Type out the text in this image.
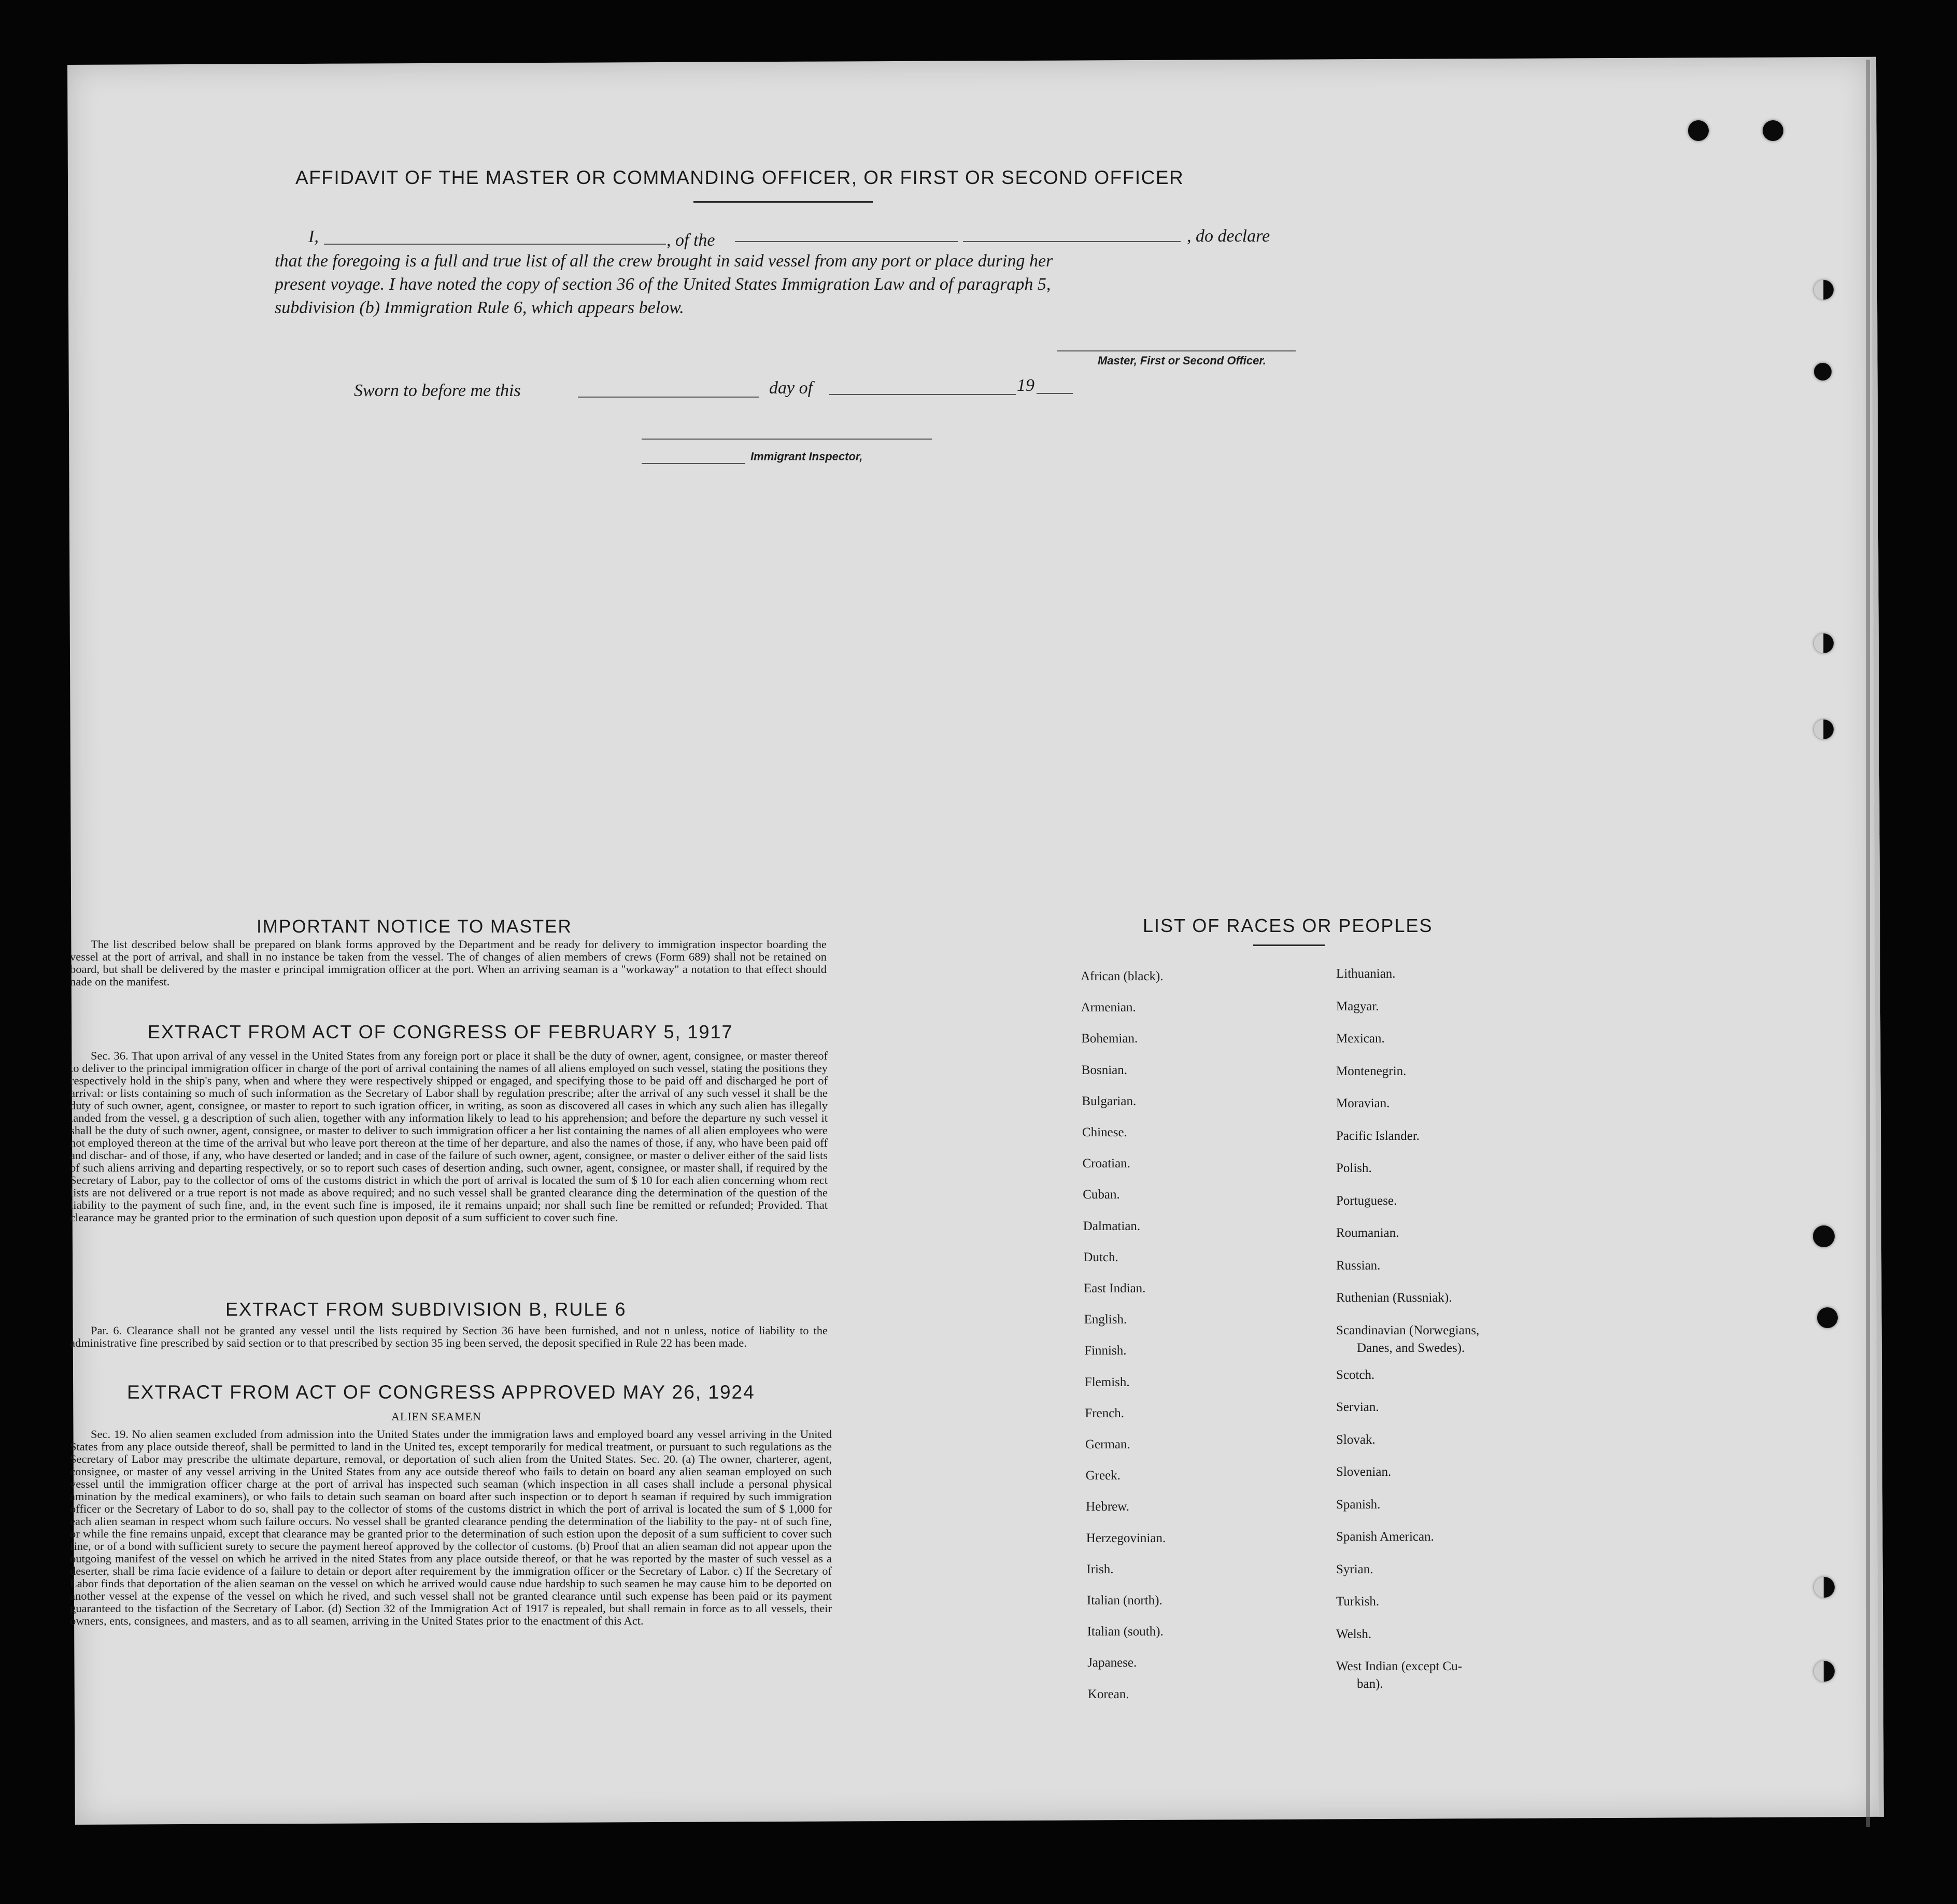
AFFIDAVIT OF THE MASTER OR COMMANDING OFFICER, OR FIRST OR SECOND OFFICER
I,	, of the	, do declare
that the foregoing is a full and true list of all the crew brought in said vessel from any port or place during her
present voyage. I have noted the copy of section 36 of the United States Immigration Law and of paragraph 5,
subdivision (b) Immigration Rule 6, which appears below.
Master, First or Second Officer.
Sworn to before me this	day of	19
Immigrant Inspector,
IMPORTANT NOTICE TO MASTER

The list described below shall be prepared on blank forms approved by the Department and be ready for delivery to immigration inspector boarding the vessel at the port of arrival, and shall in no instance be taken from the vessel. The of changes of alien members of crews (Form 689) shall not be retained on board, but shall be delivered by the master e principal immigration officer at the port. When an arriving seaman is a "workaway" a notation to that effect should nade on the manifest.

EXTRACT FROM ACT OF CONGRESS OF FEBRUARY 5, 1917

Sec. 36. That upon arrival of any vessel in the United States from any foreign port or place it shall be the duty of owner, agent, consignee, or master thereof to deliver to the principal immigration officer in charge of the port of arrival containing the names of all aliens employed on such vessel, stating the positions they respectively hold in the ship's pany, when and where they were respectively shipped or engaged, and specifying those to be paid off and discharged he port of arrival: or lists containing so much of such information as the Secretary of Labor shall by regulation prescribe; after the arrival of any such vessel it shall be the duty of such owner, agent, consignee, or master to report to such igration officer, in writing, as soon as discovered all cases in which any such alien has illegally landed from the vessel, g a description of such alien, together with any information likely to lead to his apprehension; and before the departure ny such vessel it shall be the duty of such owner, agent, consignee, or master to deliver to such immigration officer a her list containing the names of all alien employees who were not employed thereon at the time of the arrival but who leave port thereon at the time of her departure, and also the names of those, if any, who have been paid off and dischar- and of those, if any, who have deserted or landed; and in case of the failure of such owner, agent, consignee, or master o deliver either of the said lists of such aliens arriving and departing respectively, or so to report such cases of desertion anding, such owner, agent, consignee, or master shall, if required by the Secretary of Labor, pay to the collector of oms of the customs district in which the port of arrival is located the sum of $ 10 for each alien concerning whom rect lists are not delivered or a true report is not made as above required; and no such vessel shall be granted clearance ding the determination of the question of the liability to the payment of such fine, and, in the event such fine is imposed, ile it remains unpaid; nor shall such fine be remitted or refunded; Provided. That clearance may be granted prior to the ermination of such question upon deposit of a sum sufficient to cover such fine.

EXTRACT FROM SUBDIVISION B, RULE 6

Par. 6. Clearance shall not be granted any vessel until the lists required by Section 36 have been furnished, and not n unless, notice of liability to the administrative fine prescribed by said section or to that prescribed by section 35 ing been served, the deposit specified in Rule 22 has been made.

EXTRACT FROM ACT OF CONGRESS APPROVED MAY 26, 1924
ALIEN SEAMEN

Sec. 19. No alien seamen excluded from admission into the United States under the immigration laws and employed board any vessel arriving in the United States from any place outside thereof, shall be permitted to land in the United tes, except temporarily for medical treatment, or pursuant to such regulations as the Secretary of Labor may prescribe the ultimate departure, removal, or deportation of such alien from the United States. Sec. 20. (a) The owner, charterer, agent, consignee, or master of any vessel arriving in the United States from any ace outside thereof who fails to detain on board any alien seaman employed on such vessel until the immigration officer charge at the port of arrival has inspected such seaman (which inspection in all cases shall include a personal physical amination by the medical examiners), or who fails to detain such seaman on board after such inspection or to deport h seaman if required by such immigration officer or the Secretary of Labor to do so, shall pay to the collector of stoms of the customs district in which the port of arrival is located the sum of $ 1,000 for each alien seaman in respect whom such failure occurs. No vessel shall be granted clearance pending the determination of the liability to the pay- nt of such fine, or while the fine remains unpaid, except that clearance may be granted prior to the determination of such estion upon the deposit of a sum sufficient to cover such fine, or of a bond with sufficient surety to secure the payment hereof approved by the collector of customs. (b) Proof that an alien seaman did not appear upon the outgoing manifest of the vessel on which he arrived in the nited States from any place outside thereof, or that he was reported by the master of such vessel as a deserter, shall be rima facie evidence of a failure to detain or deport after requirement by the immigration officer or the Secretary of Labor. c) If the Secretary of Labor finds that deportation of the alien seaman on the vessel on which he arrived would cause ndue hardship to such seamen he may cause him to be deported on another vessel at the expense of the vessel on which he rived, and such vessel shall not be granted clearance until such expense has been paid or its payment guaranteed to the tisfaction of the Secretary of Labor. (d) Section 32 of the Immigration Act of 1917 is repealed, but shall remain in force as to all vessels, their owners, ents, consignees, and masters, and as to all seamen, arriving in the United States prior to the enactment of this Act.

LIST OF RACES OR PEOPLES
African (black).
Armenian.
Bohemian.
Bosnian.
Bulgarian.
Chinese.
Croatian.
Cuban.
Dalmatian.
Dutch.
East Indian.
English.
Finnish.
Flemish.
French.
German.
Greek.
Hebrew.
Herzegovinian.
Irish.
Italian (north).
Italian (south).
Japanese.
Korean.
Lithuanian.
Magyar.
Mexican.
Montenegrin.
Moravian.
Pacific Islander.
Polish.
Portuguese.
Roumanian.
Russian.
Ruthenian (Russniak).
Scandinavian (Norwegians,
Danes, and Swedes).
Scotch.
Servian.
Slovak.
Slovenian.
Spanish.
Spanish American.
Syrian.
Turkish.
Welsh.
West Indian (except Cu-
ban).
